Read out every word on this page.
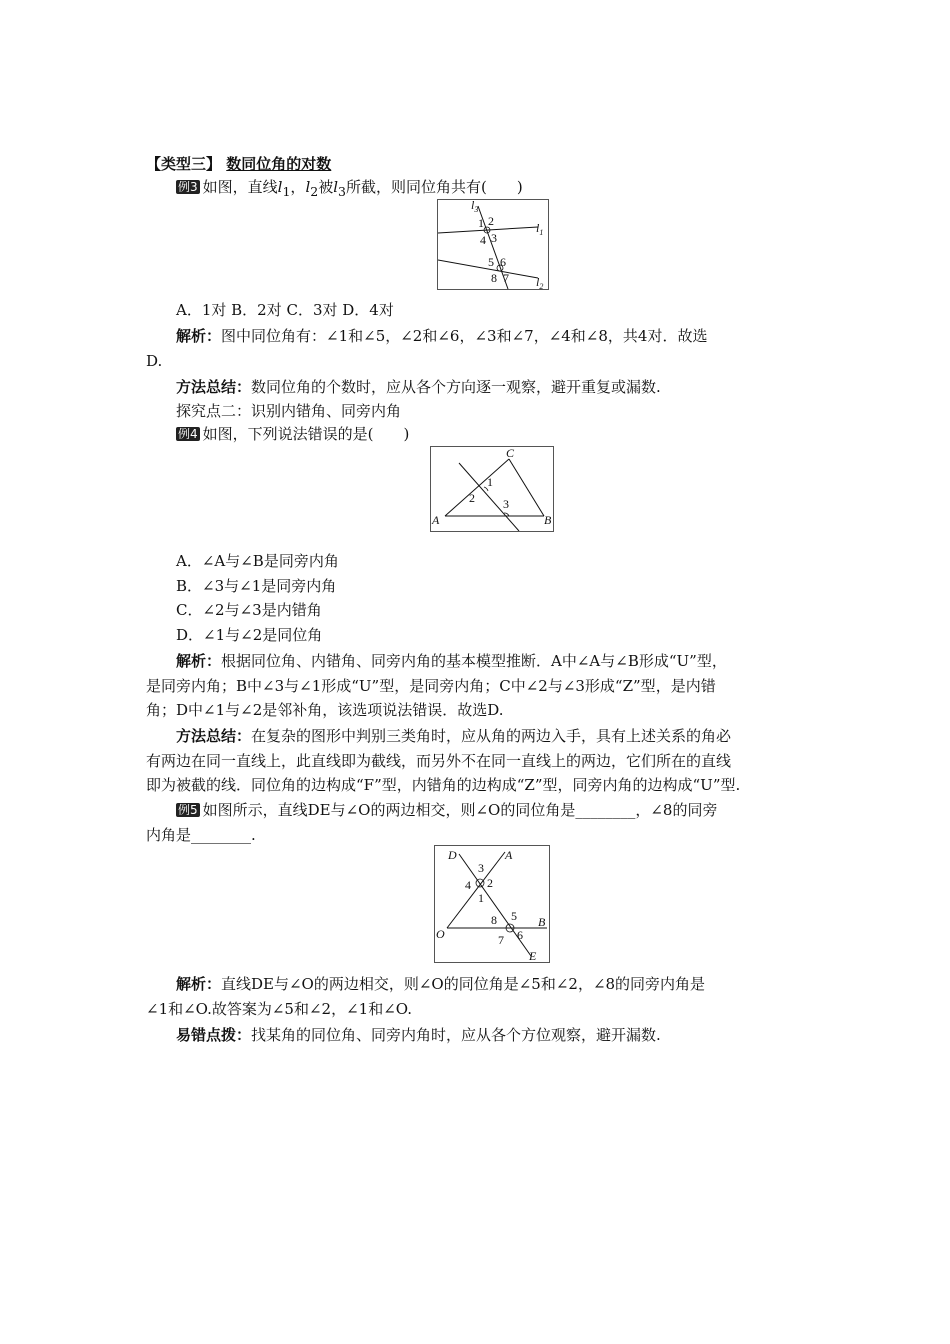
【类型三】 数同位角的对数
例3 如图，直线$l_1$，$l_2$被$l_3$所截，则同位角共有(　　)
$l_3$
$l_1$
$l_2$
1 2
3
4
5 6
7
8
A．1对 B．2对 C．3对 D．4对
解析：图中同位角有：∠1和∠5，∠2和∠6，∠3和∠7，∠4和∠8，共4对．故选
D.
方法总结：数同位角的个数时，应从各个方向逐一观察，避开重复或漏数.
探究点二：识别内错角、同旁内角
例4 如图，下列说法错误的是(　　)
1
2 3
A	B
C
A．∠A与∠B是同旁内角
B．∠3与∠1是同旁内角
C．∠2与∠3是内错角
D．∠1与∠2是同位角
解析：根据同位角、内错角、同旁内角的基本模型推断．A中∠A与∠B形成“U”型，
是同旁内角；B中∠3与∠1形成“U”型，是同旁内角；C中∠2与∠3形成“Z”型，是内错
角；D中∠1与∠2是邻补角，该选项说法错误．故选D.
方法总结：在复杂的图形中判别三类角时，应从角的两边入手，具有上述关系的角必
有两边在同一直线上，此直线即为截线，而另外不在同一直线上的两边，它们所在的直线
即为被截的线．同位角的边构成“F”型，内错角的边构成“Z”型，同旁内角的边构成“U”型.
例5 如图所示，直线DE与∠O的两边相交，则∠O的同位角是________，∠8的同旁
内角是________.
3
4 2
1
8 5
6
7
D	A
O
B
E
解析：直线DE与∠O的两边相交，则∠O的同位角是∠5和∠2，∠8的同旁内角是
∠1和∠O.故答案为∠5和∠2，∠1和∠O.
易错点拨：找某角的同位角、同旁内角时，应从各个方位观察，避开漏数.
